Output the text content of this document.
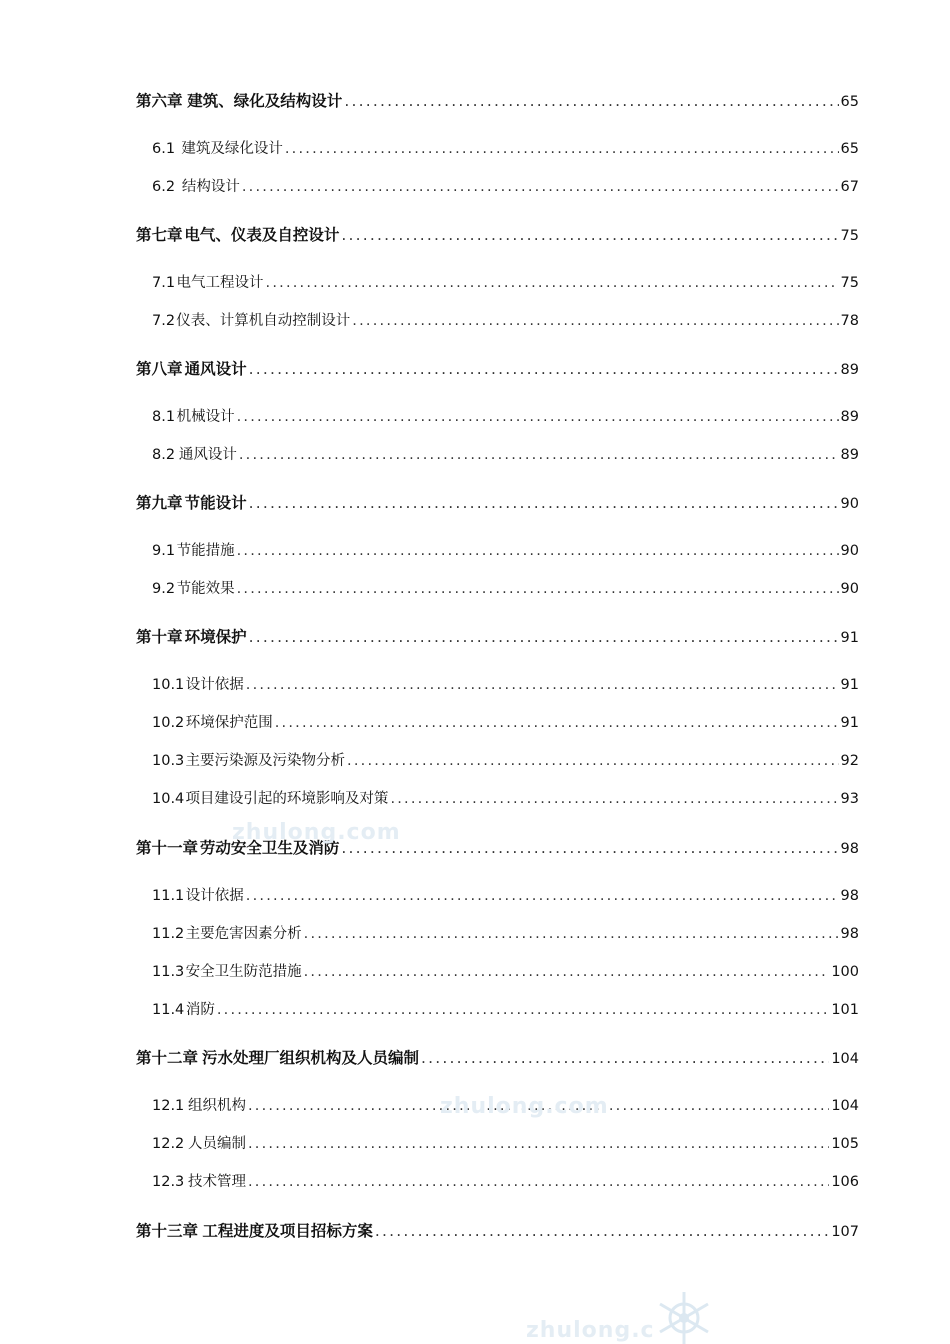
第六章 建筑、绿化及结构设计 .....	65
6.1 建筑及绿化设计 .....	65
6.2 结构设计 .....	67
第七章 电气、仪表及自控设计 .....	75
7.1 电气工程设计 .....	75
7.2 仪表、计算机自动控制设计 .....	78
第八章 通风设计 .....	89
8.1 机械设计 .....	89
8.2 通风设计 .....	89
第九章 节能设计 .....	90
9.1 节能措施 .....	90
9.2 节能效果 .....	90
第十章 环境保护 .....	91
10.1 设计依据 .....	91
10.2 环境保护范围 .....	91
10.3 主要污染源及污染物分析 .....	92
10.4 项目建设引起的环境影响及对策 .....	93
第十一章 劳动安全卫生及消防 .....	98
11.1 设计依据 .....	98
11.2 主要危害因素分析 .....	98
11.3 安全卫生防范措施 .....	100
11.4 消防 .....	101
第十二章 污水处理厂组织机构及人员编制 .....	104
12.1 组织机构 .....	104
12.2 人员编制 .....	105
12.3 技术管理 .....	106
第十三章 工程进度及项目招标方案 .....	107
zhulong.com
zhulong.com
zhulong.c
